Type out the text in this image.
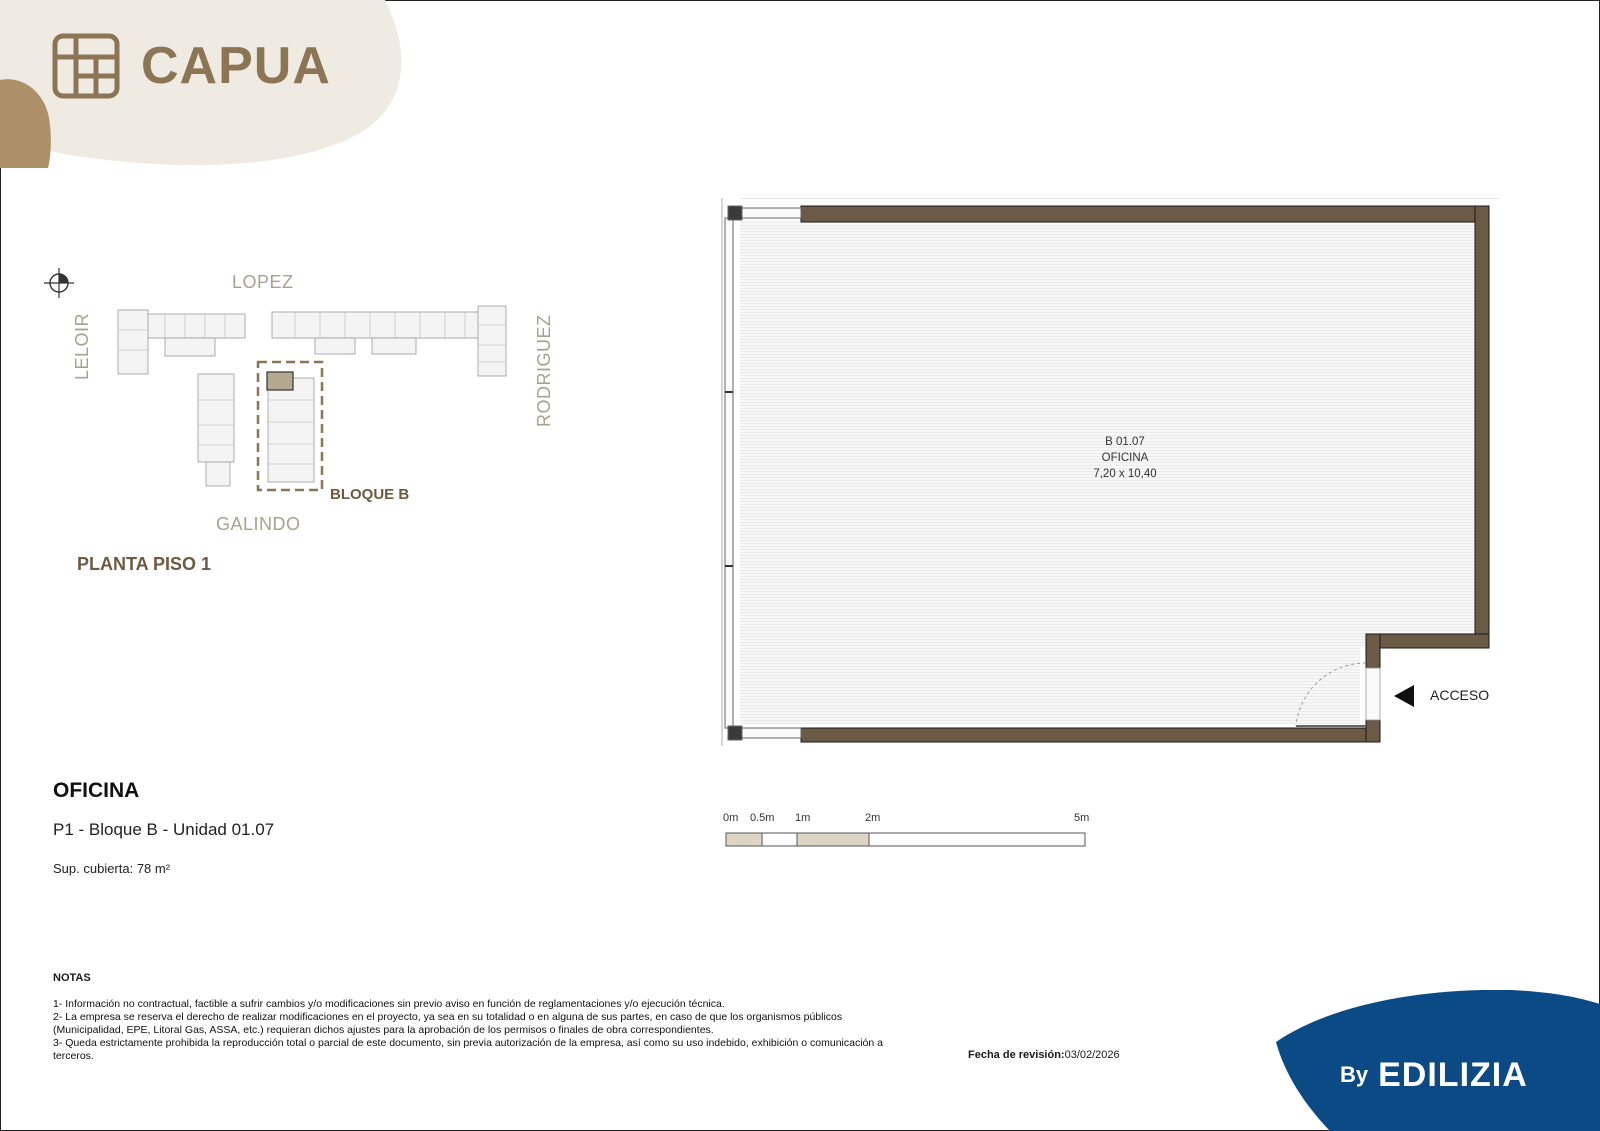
CAPUA
LOPEZ
LELOIR	RODRIGUEZ
GALINDO
BLOQUE B
PLANTA PISO 1
OFICINA
P1 - Bloque B - Unidad 01.07
Sup. cubierta: 78 m²
B 01.07
OFICINA
7,20 x 10,40
ACCESO
0m 0.5m 1m	2m	5m
NOTAS
1- Información no contractual, factible a sufrir cambios y/o modificaciones sin previo aviso en función de reglamentaciones y/o ejecución técnica.
2- La empresa se reserva el derecho de realizar modificaciones en el proyecto, ya sea en su totalidad o en alguna de sus partes, en caso de que los organismos públicos (Municipalidad, EPE, Litoral Gas, ASSA, etc.) requieran dichos ajustes para la aprobación de los permisos o finales de obra correspondientes.
3- Queda estrictamente prohibida la reproducción total o parcial de este documento, sin previa autorización de la empresa, así como su uso indebido, exhibición o comunicación a terceros.	Fecha de revisión:03/02/2026
By EDILIZIA
